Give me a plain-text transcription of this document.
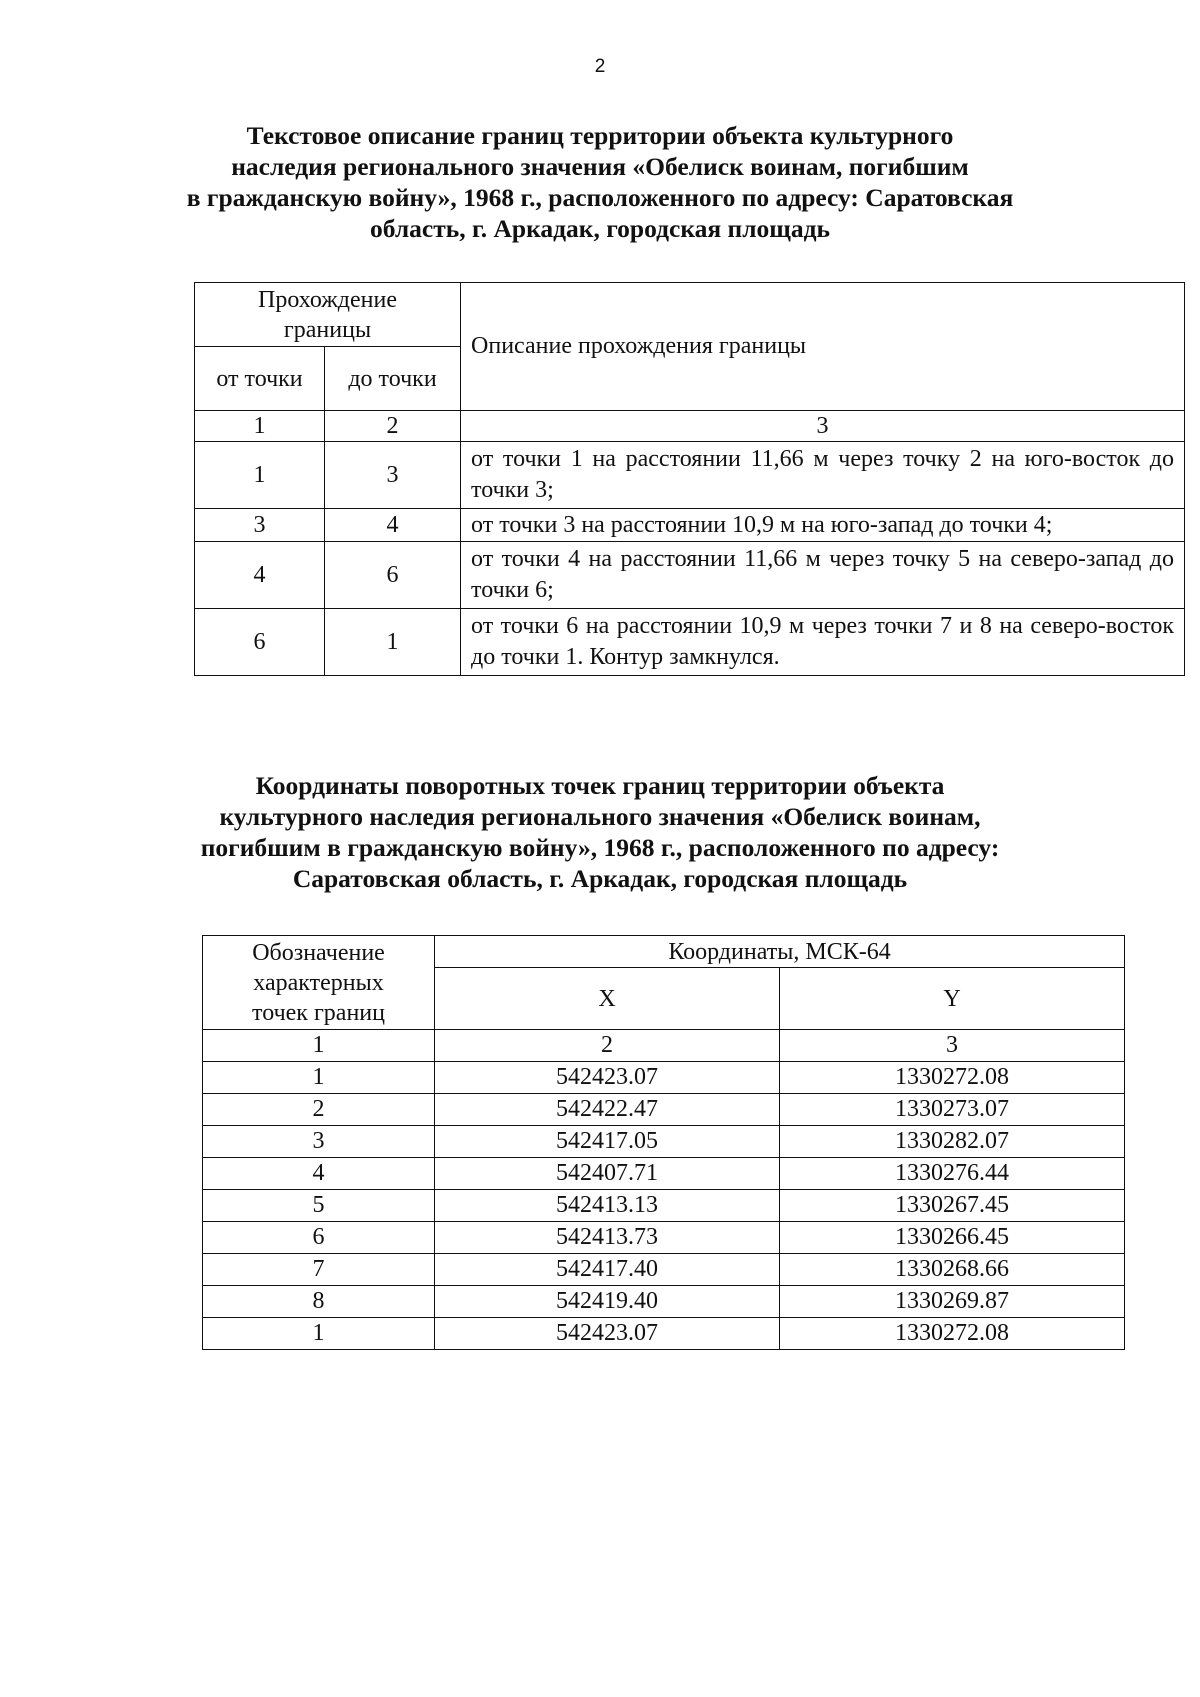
2
Текстовое описание границ территории объекта культурного
наследия регионального значения «Обелиск воинам, погибшим
в гражданскую войну», 1968 г., расположенного по адресу: Саратовская
область, г. Аркадак, городская площадь
Прохождение границы		Описание прохождения границы
от точки	до точки	
1	2	3
1	3	от точки 1 на расстоянии 11,66 м через точку 2 на юго-восток до точки 3;
3	4	от точки 3 на расстоянии 10,9 м на юго-запад до точки 4;
4	6	от точки 4 на расстоянии 11,66 м через точку 5 на северо-запад до точки 6;
6	1	от точки 6 на расстоянии 10,9 м через точки 7 и 8 на северо-восток до точки 1. Контур замкнулся.
Координаты поворотных точек границ территории объекта
культурного наследия регионального значения «Обелиск воинам,
погибшим в гражданскую войну», 1968 г., расположенного по адресу:
Саратовская область, г. Аркадак, городская площадь
Обозначение характерных точек границ	Координаты, МСК-64	
	X	Y
1	2	3
1	542423.07	1330272.08
2	542422.47	1330273.07
3	542417.05	1330282.07
4	542407.71	1330276.44
5	542413.13	1330267.45
6	542413.73	1330266.45
7	542417.40	1330268.66
8	542419.40	1330269.87
1	542423.07	1330272.08
